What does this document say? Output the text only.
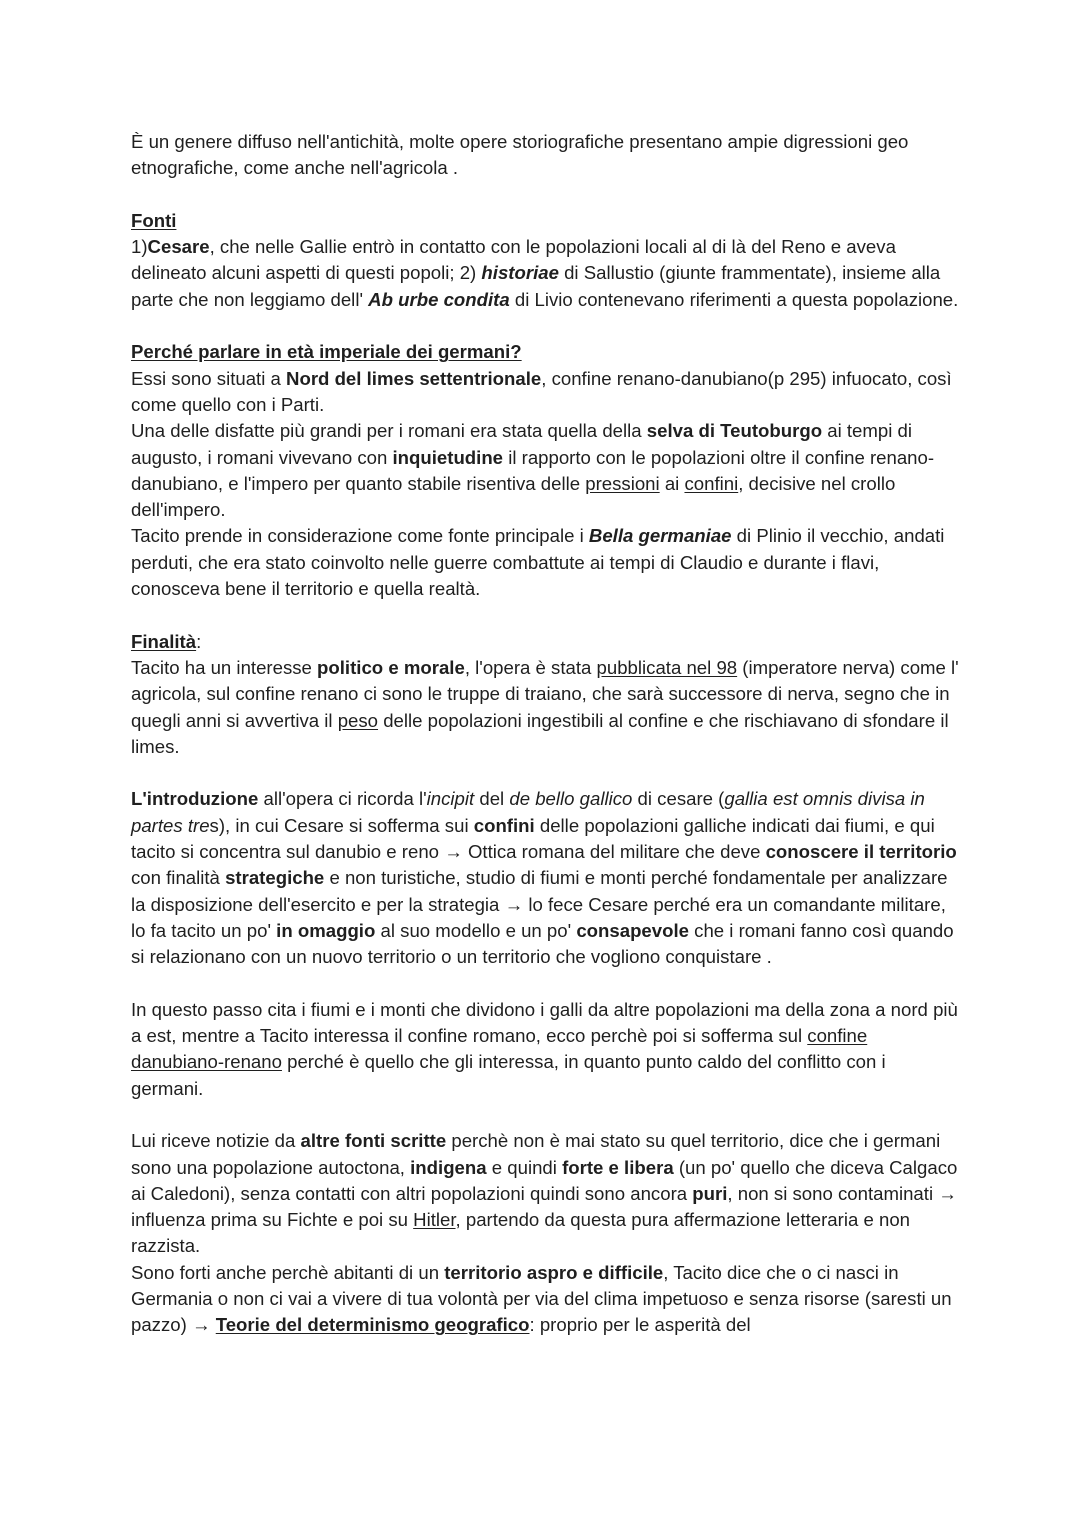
È un genere diffuso nell'antichità, molte opere storiografiche presentano ampie digressioni geo etnografiche, come anche nell'agricola .

Fonti

1)Cesare, che nelle Gallie entrò in contatto con le popolazioni locali al di là del Reno e aveva delineato alcuni aspetti di questi popoli; 2) historiae di Sallustio (giunte frammentate), insieme alla parte che non leggiamo dell' Ab urbe condita di Livio contenevano riferimenti a questa popolazione.

Perché parlare in età imperiale dei germani?

Essi sono situati a Nord del limes settentrionale, confine renano-danubiano(p 295) infuocato, così come quello con i Parti.

Una delle disfatte più grandi per i romani era stata quella della selva di Teutoburgo ai tempi di augusto, i romani vivevano con inquietudine il rapporto con le popolazioni oltre il confine renano-danubiano, e l'impero per quanto stabile risentiva delle pressioni ai confini, decisive nel crollo dell'impero.

Tacito prende in considerazione come fonte principale i Bella germaniae di Plinio il vecchio, andati perduti, che era stato coinvolto nelle guerre combattute ai tempi di Claudio e durante i flavi, conosceva bene il territorio e quella realtà.

Finalità:

Tacito ha un interesse politico e morale, l'opera è stata pubblicata nel 98 (imperatore nerva) come l' agricola, sul confine renano ci sono le truppe di traiano, che sarà successore di nerva, segno che in quegli anni si avvertiva il peso delle popolazioni ingestibili al confine e che rischiavano di sfondare il limes.

L'introduzione all'opera ci ricorda l'incipit del de bello gallico di cesare (gallia est omnis divisa in partes tres), in cui Cesare si sofferma sui confini delle popolazioni galliche indicati dai fiumi, e qui tacito si concentra sul danubio e reno → Ottica romana del militare che deve conoscere il territorio con finalità strategiche e non turistiche, studio di fiumi e monti perché fondamentale per analizzare la disposizione dell'esercito e per la strategia → lo fece Cesare perché era un comandante militare, lo fa tacito un po' in omaggio al suo modello e un po' consapevole che i romani fanno così quando si relazionano con un nuovo territorio o un territorio che vogliono conquistare .

In questo passo cita i fiumi e i monti che dividono i galli da altre popolazioni ma della zona a nord più a est, mentre a Tacito interessa il confine romano, ecco perchè poi si sofferma sul confine danubiano-renano perché è quello che gli interessa, in quanto punto caldo del conflitto con i germani.

Lui riceve notizie da altre fonti scritte perchè non è mai stato su quel territorio, dice che i germani sono una popolazione autoctona, indigena e quindi forte e libera (un po' quello che diceva Calgaco ai Caledoni), senza contatti con altri popolazioni quindi sono ancora puri, non si sono contaminati → influenza prima su Fichte e poi su Hitler, partendo da questa pura affermazione letteraria e non razzista.

Sono forti anche perchè abitanti di un territorio aspro e difficile, Tacito dice che o ci nasci in Germania o non ci vai a vivere di tua volontà per via del clima impetuoso e senza risorse (saresti un pazzo) → Teorie del determinismo geografico: proprio per le asperità del
